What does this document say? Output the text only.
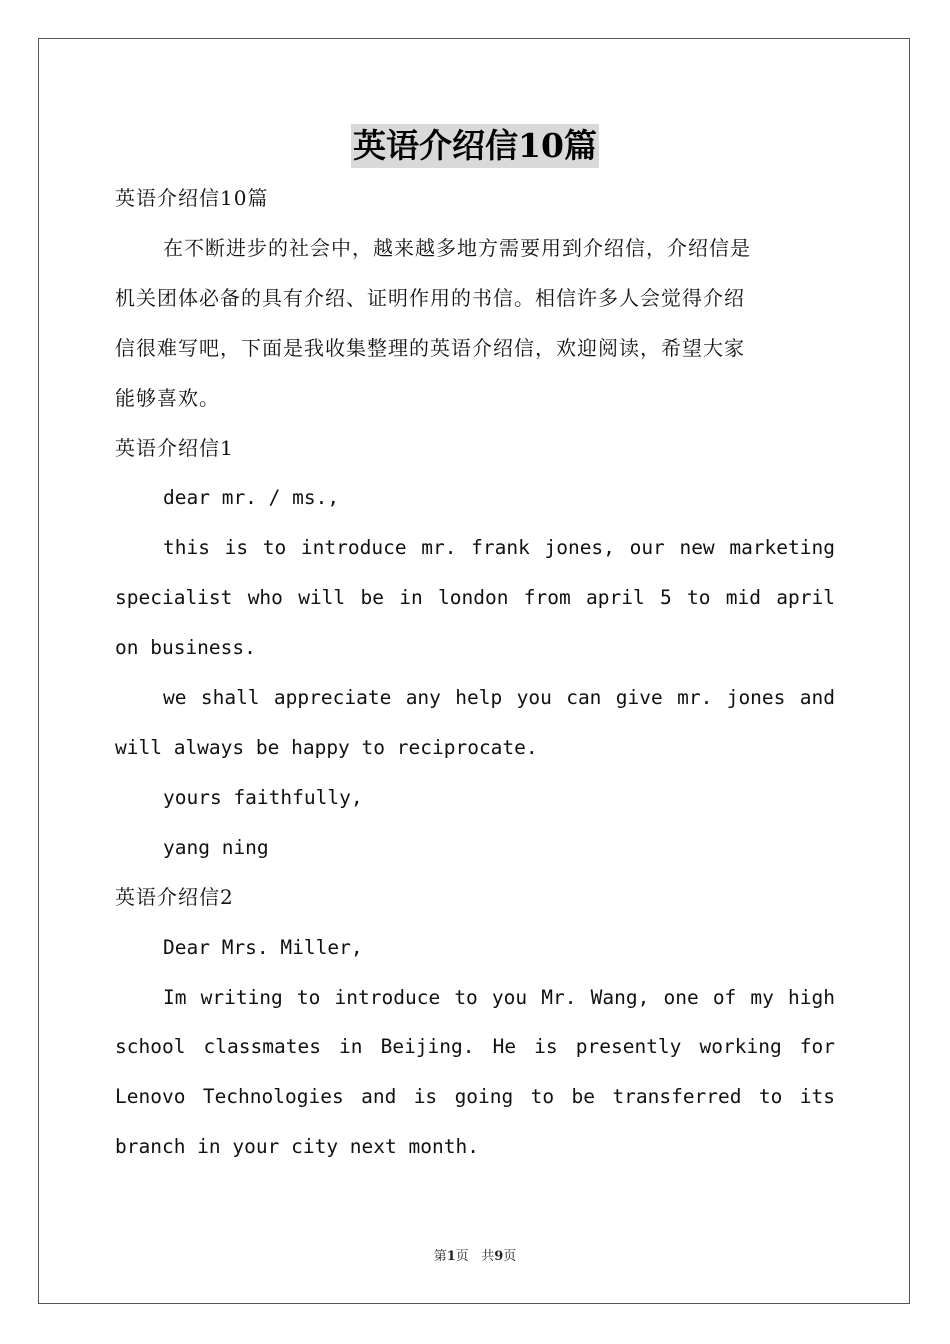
英语介绍信10篇
英语介绍信10篇
在不断进步的社会中，越来越多地方需要用到介绍信，介绍信是
机关团体必备的具有介绍、证明作用的书信。相信许多人会觉得介绍
信很难写吧，下面是我收集整理的英语介绍信，欢迎阅读，希望大家
能够喜欢。
英语介绍信1
dear mr. / ms.,
this is to introduce mr. frank jones, our new marketing
specialist who will be in london from april 5 to mid april
on business.
we shall appreciate any help you can give mr. jones and
will always be happy to reciprocate.
yours faithfully,
yang ning
英语介绍信2
Dear Mrs. Miller,
Im writing to introduce to you Mr. Wang, one of my high
school classmates in Beijing. He is presently working for
Lenovo Technologies and is going to be transferred to its
branch in your city next month.
第1页 共9页
